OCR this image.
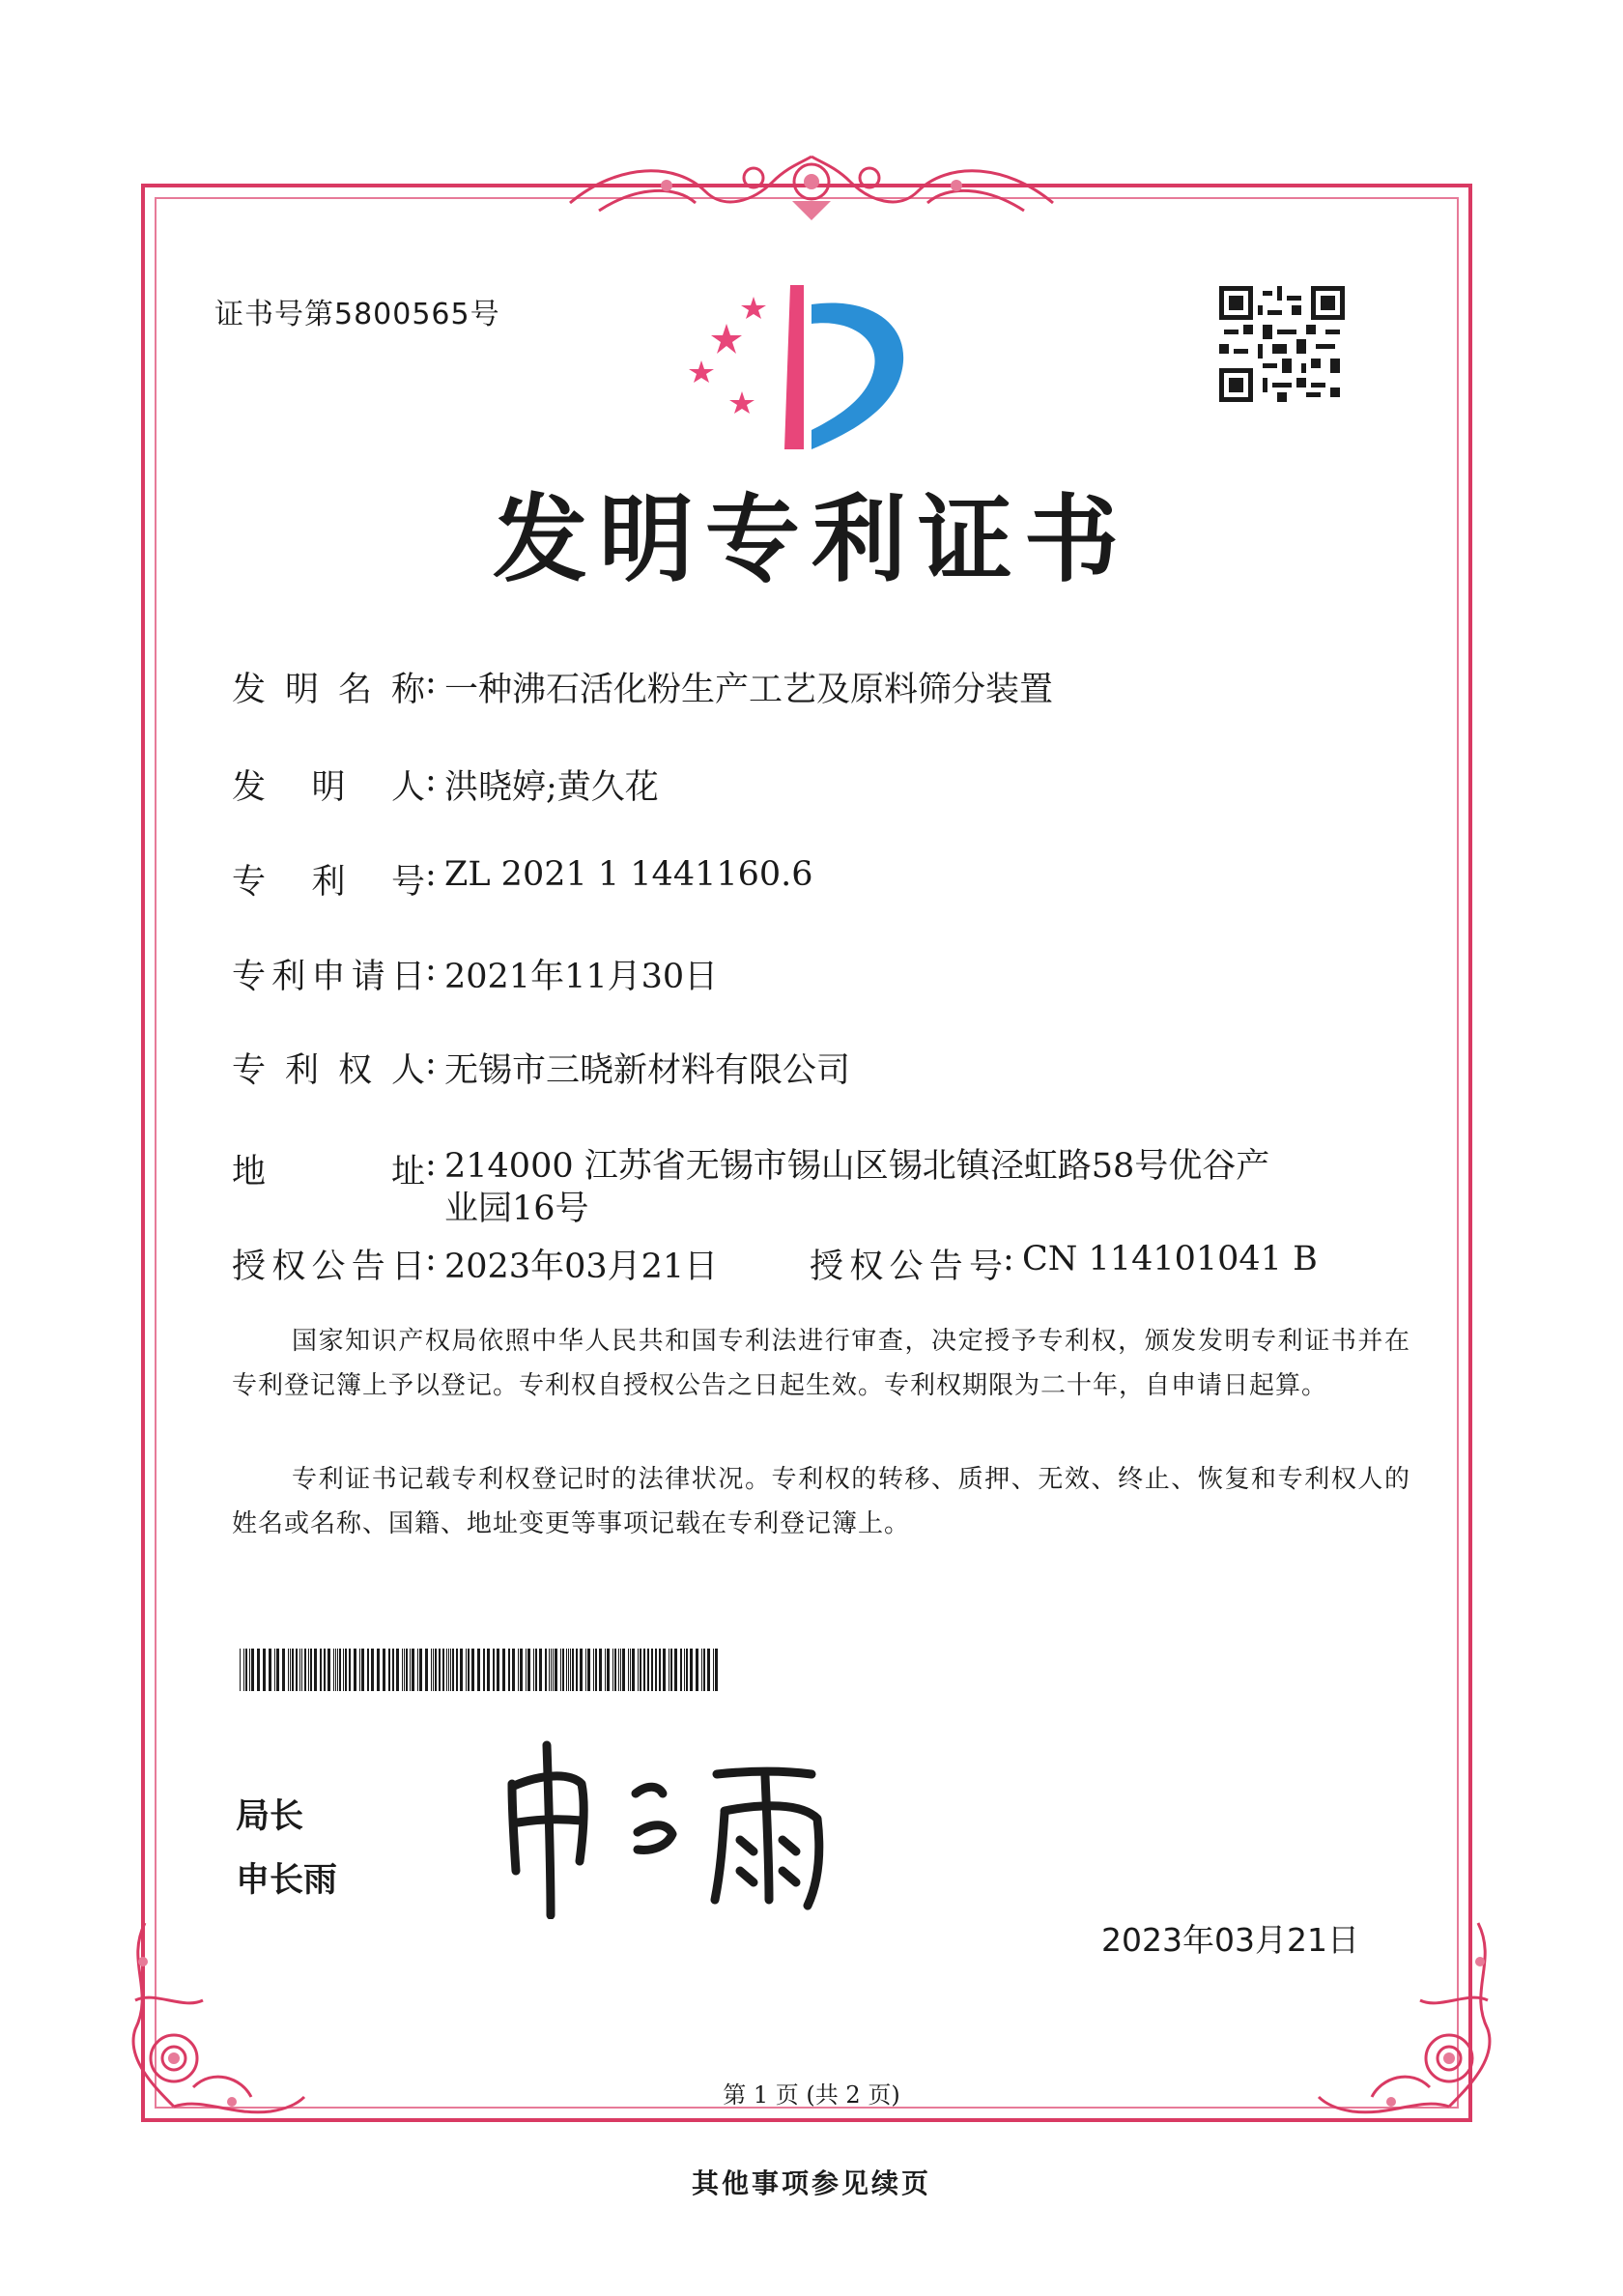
证书号第5800565号
发明专利证书
发明名称 : 一种沸石活化粉生产工艺及原料筛分装置
发明人 : 洪晓婷;黄久花
专利号 : ZL 2021 1 1441160.6
专利申请日 : 2021年11月30日
专利权人 : 无锡市三晓新材料有限公司
地址 : 214000 江苏省无锡市锡山区锡北镇泾虹路58号优谷产业园16号
授权公告日 : 2023年03月21日	授权公告号 : CN 114101041 B
国家知识产权局依照中华人民共和国专利法进行审查，决定授予专利权，颁发发明专利证书并在专利登记簿上予以登记。专利权自授权公告之日起生效。专利权期限为二十年，自申请日起算。
专利证书记载专利权登记时的法律状况。专利权的转移、质押、无效、终止、恢复和专利权人的姓名或名称、国籍、地址变更等事项记载在专利登记簿上。
局长
申长雨
2023年03月21日
第 1 页 (共 2 页)
其他事项参见续页
